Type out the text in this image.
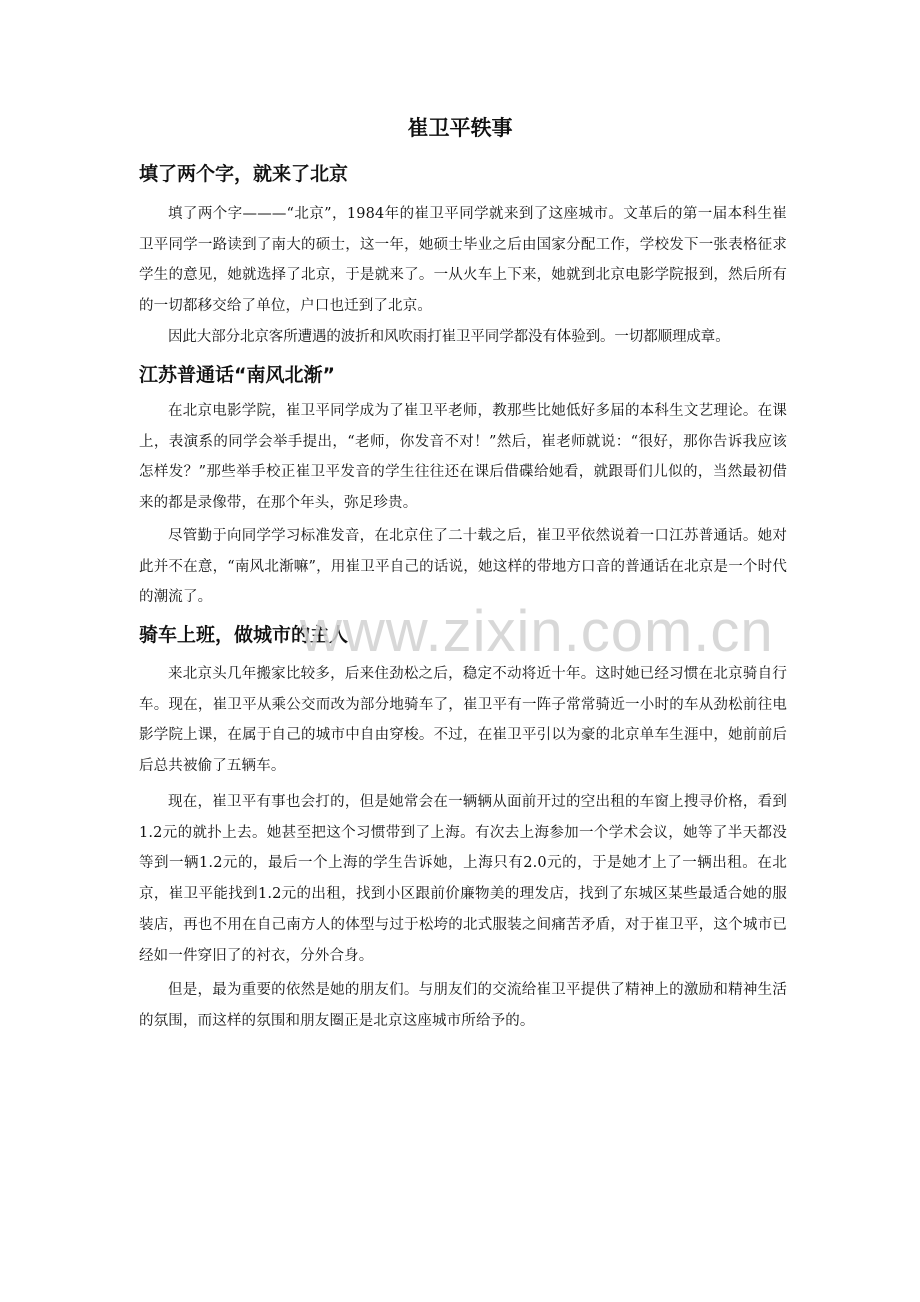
崔卫平轶事
填了两个字，就来了北京

填了两个字———“北京”，1984年的崔卫平同学就来到了这座城市。文革后的第一届本科生崔卫平同学一路读到了南大的硕士，这一年，她硕士毕业之后由国家分配工作，学校发下一张表格征求学生的意见，她就选择了北京，于是就来了。一从火车上下来，她就到北京电影学院报到，然后所有的一切都移交给了单位，户口也迁到了北京。

因此大部分北京客所遭遇的波折和风吹雨打崔卫平同学都没有体验到。一切都顺理成章。

江苏普通话“南风北渐”

在北京电影学院，崔卫平同学成为了崔卫平老师，教那些比她低好多届的本科生文艺理论。在课上，表演系的同学会举手提出，“老师，你发音不对！”然后，崔老师就说：“很好，那你告诉我应该怎样发？”那些举手校正崔卫平发音的学生往往还在课后借碟给她看，就跟哥们儿似的，当然最初借来的都是录像带，在那个年头，弥足珍贵。

尽管勤于向同学学习标准发音，在北京住了二十载之后，崔卫平依然说着一口江苏普通话。她对此并不在意，“南风北渐嘛”，用崔卫平自己的话说，她这样的带地方口音的普通话在北京是一个时代的潮流了。

骑车上班，做城市的主人

来北京头几年搬家比较多，后来住劲松之后，稳定不动将近十年。这时她已经习惯在北京骑自行车。现在，崔卫平从乘公交而改为部分地骑车了，崔卫平有一阵子常常骑近一小时的车从劲松前往电影学院上课，在属于自己的城市中自由穿梭。不过，在崔卫平引以为豪的北京单车生涯中，她前前后后总共被偷了五辆车。

现在，崔卫平有事也会打的，但是她常会在一辆辆从面前开过的空出租的车窗上搜寻价格，看到1.2元的就扑上去。她甚至把这个习惯带到了上海。有次去上海参加一个学术会议，她等了半天都没等到一辆1.2元的，最后一个上海的学生告诉她，上海只有2.0元的，于是她才上了一辆出租。在北京，崔卫平能找到1.2元的出租，找到小区跟前价廉物美的理发店，找到了东城区某些最适合她的服装店，再也不用在自己南方人的体型与过于松垮的北式服装之间痛苦矛盾，对于崔卫平，这个城市已经如一件穿旧了的衬衣，分外合身。

但是，最为重要的依然是她的朋友们。与朋友们的交流给崔卫平提供了精神上的激励和精神生活的氛围，而这样的氛围和朋友圈正是北京这座城市所给予的。

www.zixin.com.cn
